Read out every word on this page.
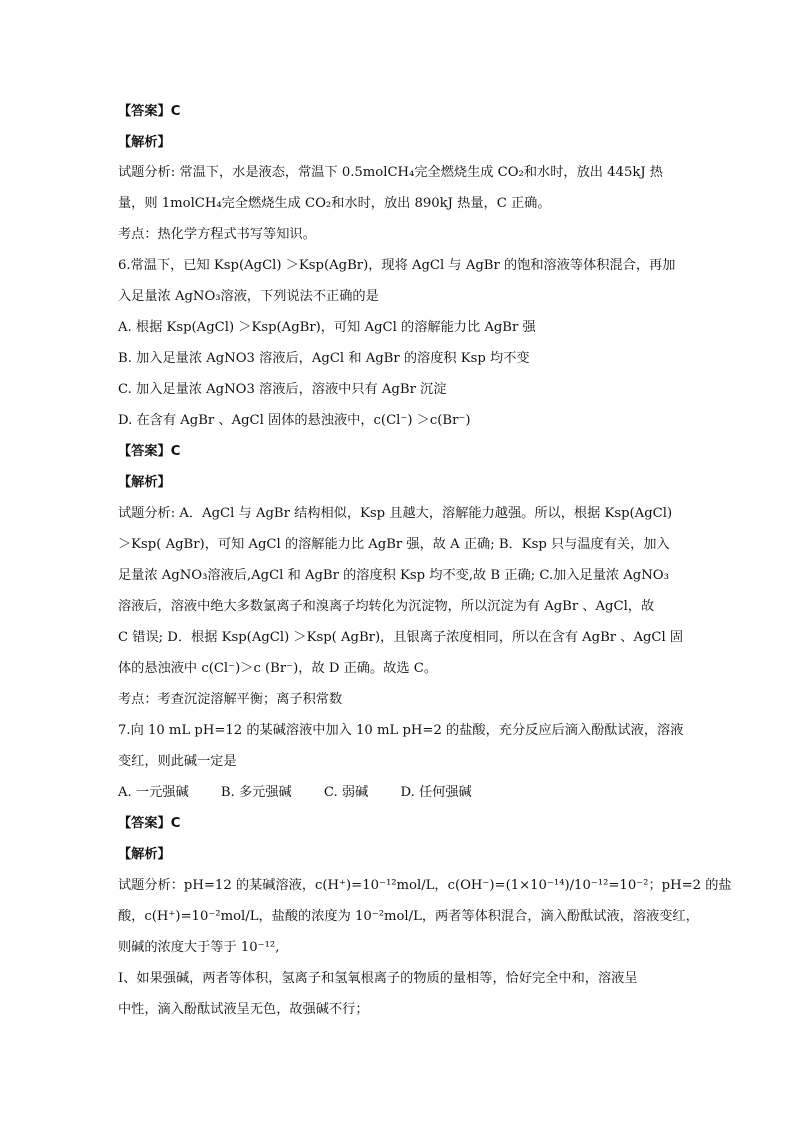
【答案】C
【解析】
试题分析: 常温下，水是液态，常温下 0.5molCH₄完全燃烧生成 CO₂和水时，放出 445kJ 热
量，则 1molCH₄完全燃烧生成 CO₂和水时，放出 890kJ 热量，C 正确。
考点：热化学方程式书写等知识。
6.常温下，已知 Ksp(AgCl) ＞Ksp(AgBr)，现将 AgCl 与 AgBr 的饱和溶液等体积混合，再加
入足量浓 AgNO₃溶液，下列说法不正确的是
A. 根据 Ksp(AgCl) ＞Ksp(AgBr)，可知 AgCl 的溶解能力比 AgBr 强
B. 加入足量浓 AgNO3 溶液后，AgCl 和 AgBr 的溶度积 Ksp 均不变
C. 加入足量浓 AgNO3 溶液后，溶液中只有 AgBr 沉淀
D. 在含有 AgBr 、AgCl 固体的悬浊液中，c(Cl⁻) ＞c(Br⁻)
【答案】C
【解析】
试题分析: A．AgCl 与 AgBr 结构相似，Ksp 且越大，溶解能力越强。所以，根据 Ksp(AgCl)
＞Ksp( AgBr)，可知 AgCl 的溶解能力比 AgBr 强，故 A 正确; B．Ksp 只与温度有关，加入
足量浓 AgNO₃溶液后,AgCl 和 AgBr 的溶度积 Ksp 均不变,故 B 正确; C.加入足量浓 AgNO₃
溶液后，溶液中绝大多数氯离子和溴离子均转化为沉淀物，所以沉淀为有 AgBr 、AgCl，故
C 错误; D．根据 Ksp(AgCl) ＞Ksp( AgBr)，且银离子浓度相同，所以在含有 AgBr 、AgCl 固
体的悬浊液中 c(Cl⁻)＞c (Br⁻)，故 D 正确。故选 C。
考点：考查沉淀溶解平衡；离子积常数
7.向 10 mL pH=12 的某碱溶液中加入 10 mL pH=2 的盐酸，充分反应后滴入酚酞试液，溶液
变红，则此碱一定是
A. 一元强碱 B. 多元强碱 C. 弱碱 D. 任何强碱
【答案】C
【解析】
试题分析：pH=12 的某碱溶液，c(H⁺)=10⁻¹²mol/L，c(OH⁻)=(1×10⁻¹⁴)/10⁻¹²=10⁻²；pH=2 的盐
酸，c(H⁺)=10⁻²mol/L，盐酸的浓度为 10⁻²mol/L，两者等体积混合，滴入酚酞试液，溶液变红，
则碱的浓度大于等于 10⁻¹²,
Ⅰ、如果强碱，两者等体积，氢离子和氢氧根离子的物质的量相等，恰好完全中和，溶液呈
中性，滴入酚酞试液呈无色，故强碱不行；
